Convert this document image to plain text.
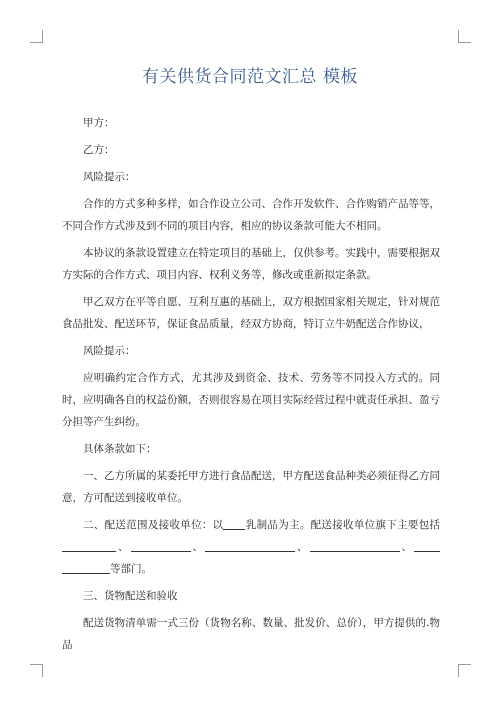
有关供货合同范文汇总 模板

甲方：

乙方：

风险提示：

合作的方式多种多样，如合作设立公司、合作开发软件、合作购销产品等等，不同合作方式涉及到不同的项目内容，相应的协议条款可能大不相同。

本协议的条款设置建立在特定项目的基础上，仅供参考。实践中，需要根据双方实际的合作方式、项目内容、权利义务等，修改或重新拟定条款。

甲乙双方在平等自愿、互利互惠的基础上，双方根据国家相关规定，针对规范食品批发、配送环节，保证食品质量，经双方协商，特订立牛奶配送合作协议，

风险提示：

应明确约定合作方式，尤其涉及到资金、技术、劳务等不同投入方式的。同时，应明确各自的权益份额，否则很容易在项目实际经营过程中就责任承担、盈亏分担等产生纠纷。

具体条款如下：

一、乙方所属的某委托甲方进行食品配送，甲方配送食品种类必须征得乙方同意，方可配送到接收单位。

二、配送范围及接收单位：以 乳制品为主。配送接收单位旗下主要包括、	、	、	、等部门。

三、货物配送和验收

配送货物清单需一式三份（货物名称、数量、批发价、总价），甲方提供的.物品
